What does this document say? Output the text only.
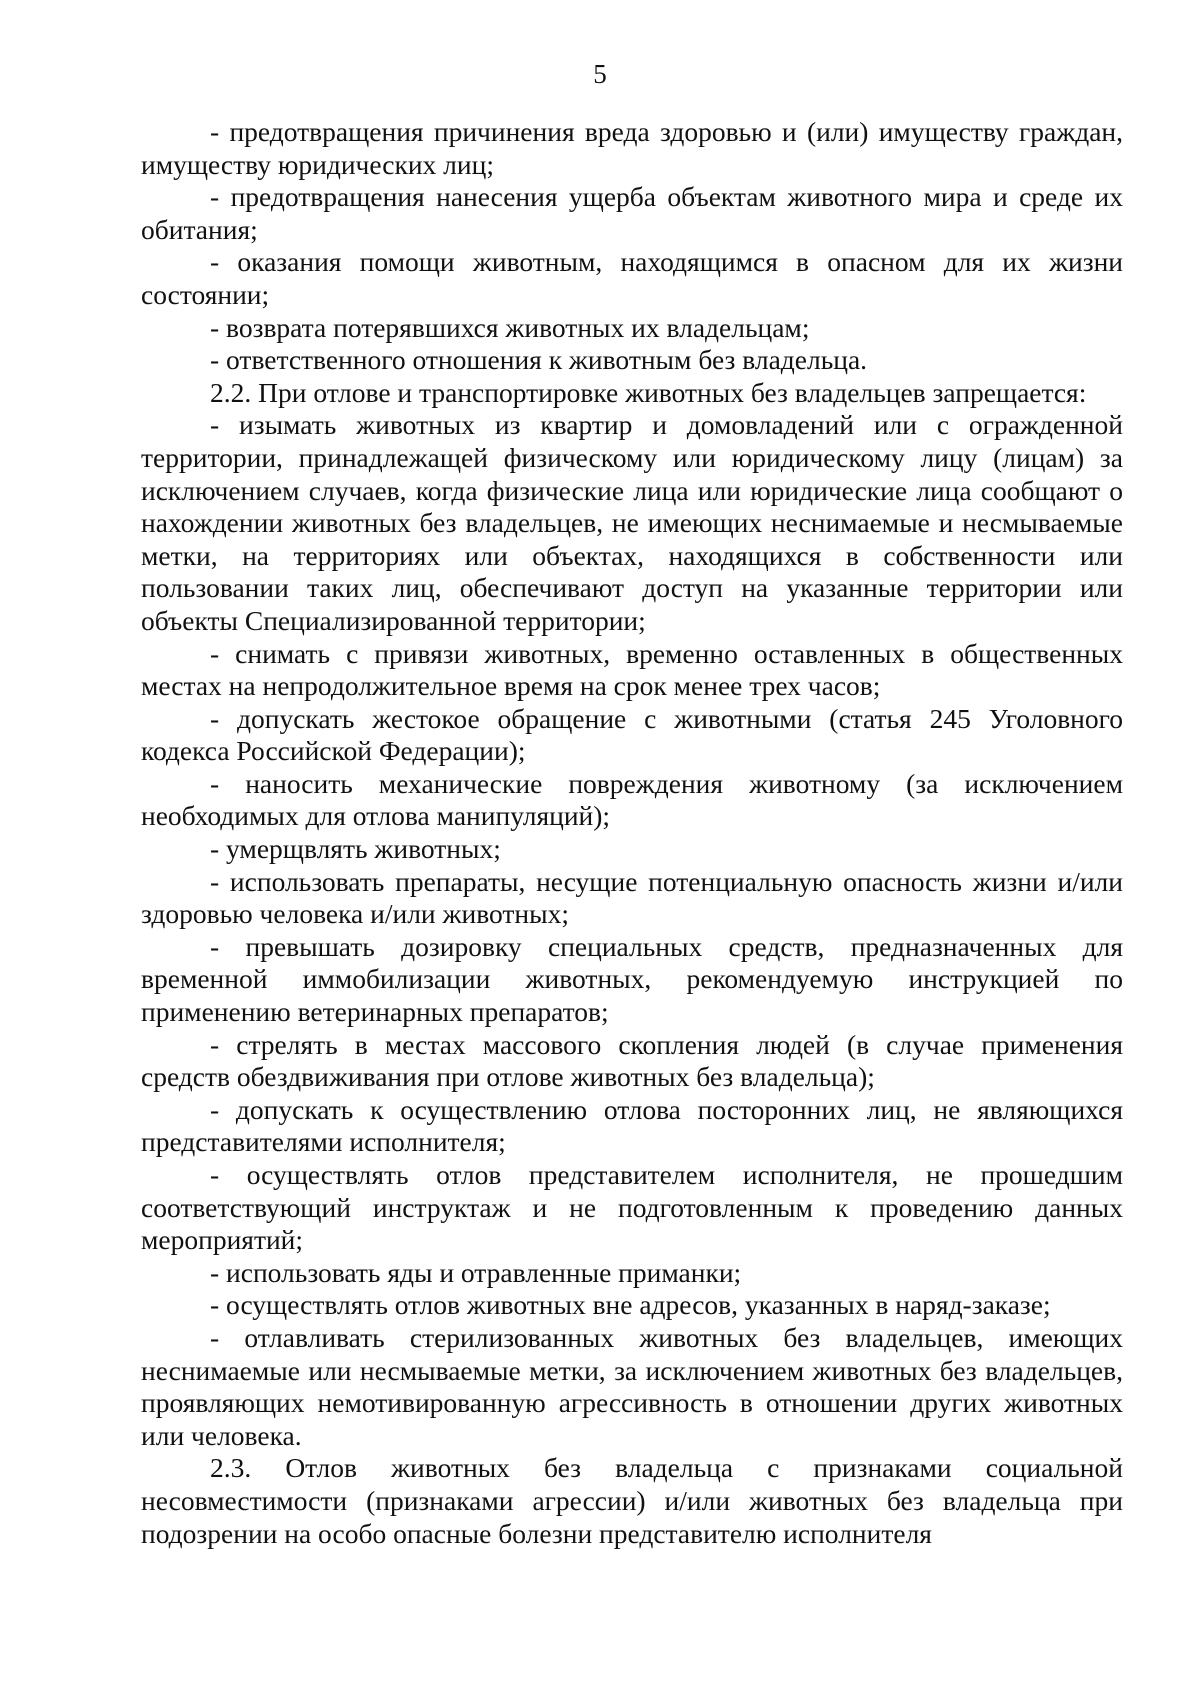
5

- предотвращения причинения вреда здоровью и (или) имуществу граждан, имуществу юридических лиц;

- предотвращения нанесения ущерба объектам животного мира и среде их обитания;

- оказания помощи животным, находящимся в опасном для их жизни состоянии;

- возврата потерявшихся животных их владельцам;

- ответственного отношения к животным без владельца.

2.2. При отлове и транспортировке животных без владельцев запрещается:

- изымать животных из квартир и домовладений или с огражденной территории, принадлежащей физическому или юридическому лицу (лицам) за исключением случаев, когда физические лица или юридические лица сообщают о нахождении животных без владельцев, не имеющих неснимаемые и несмываемые метки, на территориях или объектах, находящихся в собственности или пользовании таких лиц, обеспечивают доступ на указанные территории или объекты Специализированной территории;

- снимать с привязи животных, временно оставленных в общественных местах на непродолжительное время на срок менее трех часов;

- допускать жестокое обращение с животными (статья 245 Уголовного кодекса Российской Федерации);

- наносить механические повреждения животному (за исключением необходимых для отлова манипуляций);

- умерщвлять животных;

- использовать препараты, несущие потенциальную опасность жизни и/или здоровью человека и/или животных;

- превышать дозировку специальных средств, предназначенных для временной иммобилизации животных, рекомендуемую инструкцией по применению ветеринарных препаратов;

- стрелять в местах массового скопления людей (в случае применения средств обездвиживания при отлове животных без владельца);

- допускать к осуществлению отлова посторонних лиц, не являющихся представителями исполнителя;

- осуществлять отлов представителем исполнителя, не прошедшим соответствующий инструктаж и не подготовленным к проведению данных мероприятий;

- использовать яды и отравленные приманки;

- осуществлять отлов животных вне адресов, указанных в наряд-заказе;

- отлавливать стерилизованных животных без владельцев, имеющих неснимаемые или несмываемые метки, за исключением животных без владельцев, проявляющих немотивированную агрессивность в отношении других животных или человека.

2.3. Отлов животных без владельца с признаками социальной несовместимости (признаками агрессии) и/или животных без владельца при подозрении на особо опасные болезни представителю исполнителя
